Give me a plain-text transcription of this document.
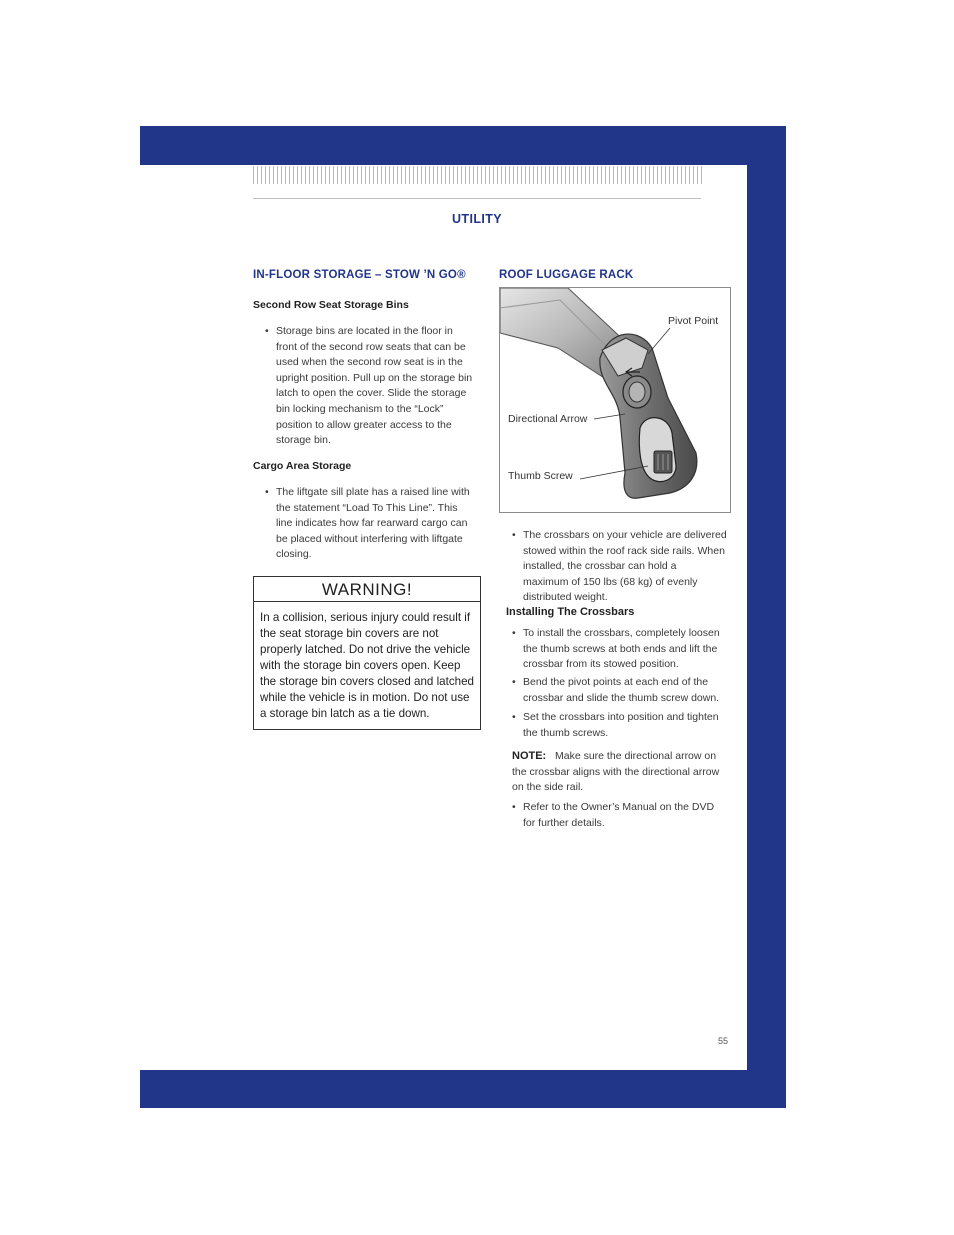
UTILITY
IN-FLOOR STORAGE – STOW ’N GO®
Second Row Seat Storage Bins
• Storage bins are located in the floor in
front of the second row seats that can be
used when the second row seat is in the
upright position. Pull up on the storage bin
latch to open the cover. Slide the storage
bin locking mechanism to the “Lock”
position to allow greater access to the
storage bin.
Cargo Area Storage
• The liftgate sill plate has a raised line with
the statement “Load To This Line”. This
line indicates how far rearward cargo can
be placed without interfering with liftgate
closing.
WARNING!
In a collision, serious injury could result if
the seat storage bin covers are not
properly latched. Do not drive the vehicle
with the storage bin covers open. Keep
the storage bin covers closed and latched
while the vehicle is in motion. Do not use
a storage bin latch as a tie down.
ROOF LUGGAGE RACK
Pivot Point
Directional Arrow
Thumb Screw
• The crossbars on your vehicle are delivered
stowed within the roof rack side rails. When
installed, the crossbar can hold a
maximum of 150 lbs (68 kg) of evenly
distributed weight.
Installing The Crossbars
• To install the crossbars, completely loosen
the thumb screws at both ends and lift the
crossbar from its stowed position.
• Bend the pivot points at each end of the
crossbar and slide the thumb screw down.
• Set the crossbars into position and tighten
the thumb screws.
NOTE: Make sure the directional arrow on
the crossbar aligns with the directional arrow
on the side rail.
• Refer to the Owner’s Manual on the DVD
for further details.
55
